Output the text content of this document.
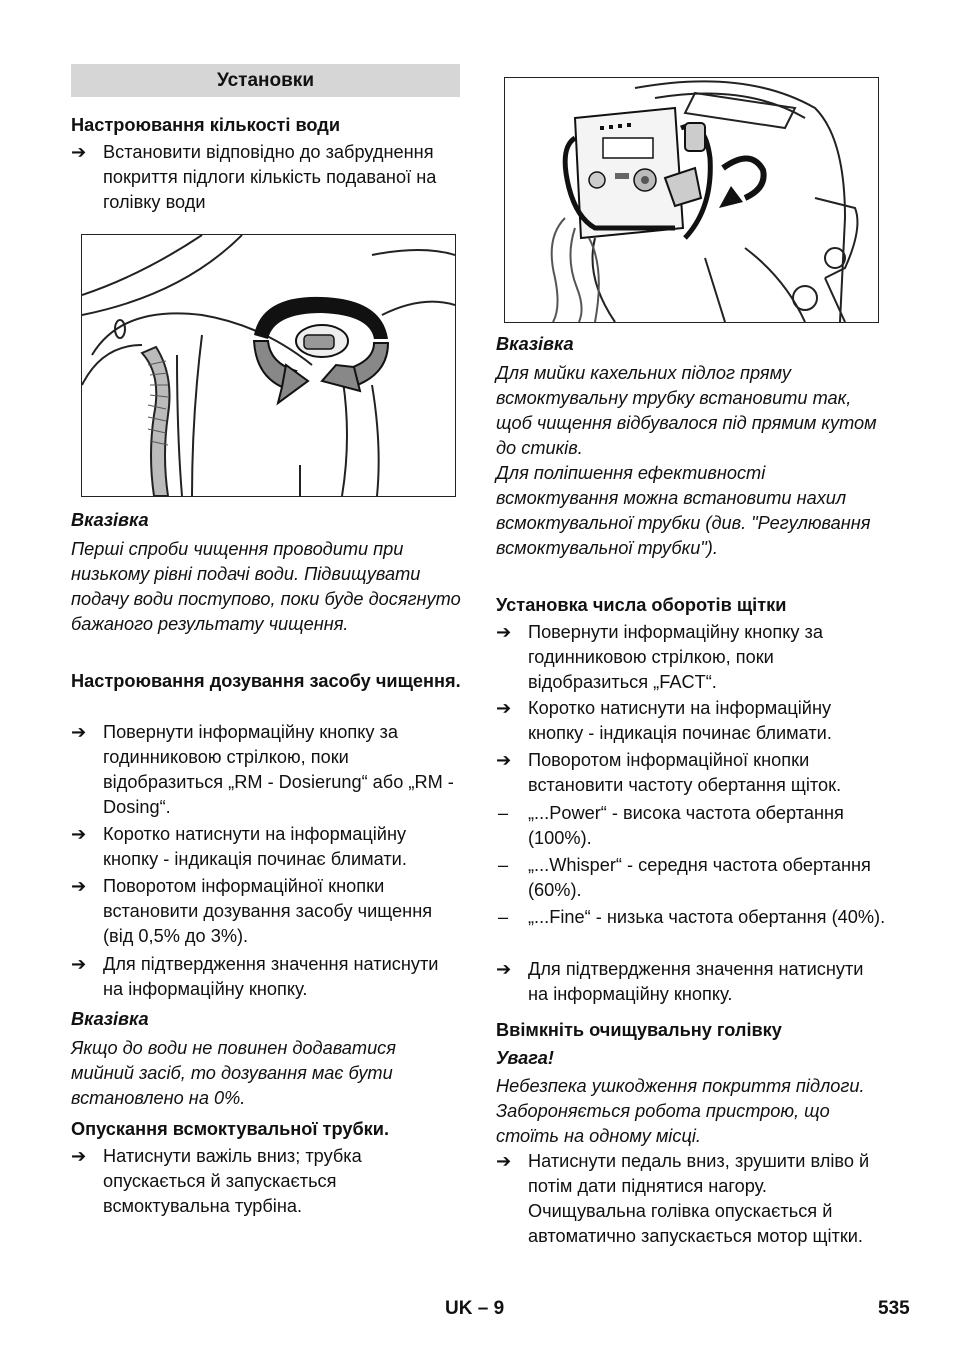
Установки
Настроювання кількості води
➔ Встановити відповідно до забруднення покриття підлоги кількість подаваної на голівку води
Вказівка
Перші спроби чищення проводити при низькому рівні подачі води. Підвищувати подачу води поступово, поки буде досягнуто бажаного результату чищення.
Настроювання дозування засобу чищення.
➔ Повернути інформаційну кнопку за годинниковою стрілкою, поки відобразиться „RM - Dosierung“ або „RM - Dosing“.
➔ Коротко натиснути на інформаційну кнопку - індикація починає блимати.
➔ Поворотом інформаційної кнопки встановити дозування засобу чищення (від 0,5% до 3%).
➔ Для підтвердження значення натиснути на інформаційну кнопку.
Вказівка
Якщо до води не повинен додаватися мийний засіб, то дозування має бути встановлено на 0%.
Опускання всмоктувальної трубки.
➔ Натиснути важіль вниз; трубка опускається й запускається всмоктувальна турбіна.
Вказівка
Для мийки кахельних підлог пряму всмоктувальну трубку встановити так, щоб чищення відбувалося під прямим кутом до стиків.
Для поліпшення ефективності всмоктування можна встановити нахил всмоктувальної трубки (див. "Регулювання всмоктувальної трубки").
Установка числа оборотів щітки
➔ Повернути інформаційну кнопку за годинниковою стрілкою, поки відобразиться „FACT“.
➔ Коротко натиснути на інформаційну кнопку - індикація починає блимати.
➔ Поворотом інформаційної кнопки встановити частоту обертання щіток.
–	„...Power“ - висока частота обертання (100%).
–	„...Whisper“ - середня частота обертання (60%).
–	„...Fine“ - низька частота обертання (40%).
➔ Для підтвердження значення натиснути на інформаційну кнопку.
Ввімкніть очищувальну голівку
Увага!
Небезпека ушкодження покриття підлоги. Забороняється робота пристрою, що стоїть на одному місці.
➔ Натиснути педаль вниз, зрушити вліво й потім дати піднятися нагору. Очищувальна голівка опускається й автоматично запускається мотор щітки.
UK – 9	535
